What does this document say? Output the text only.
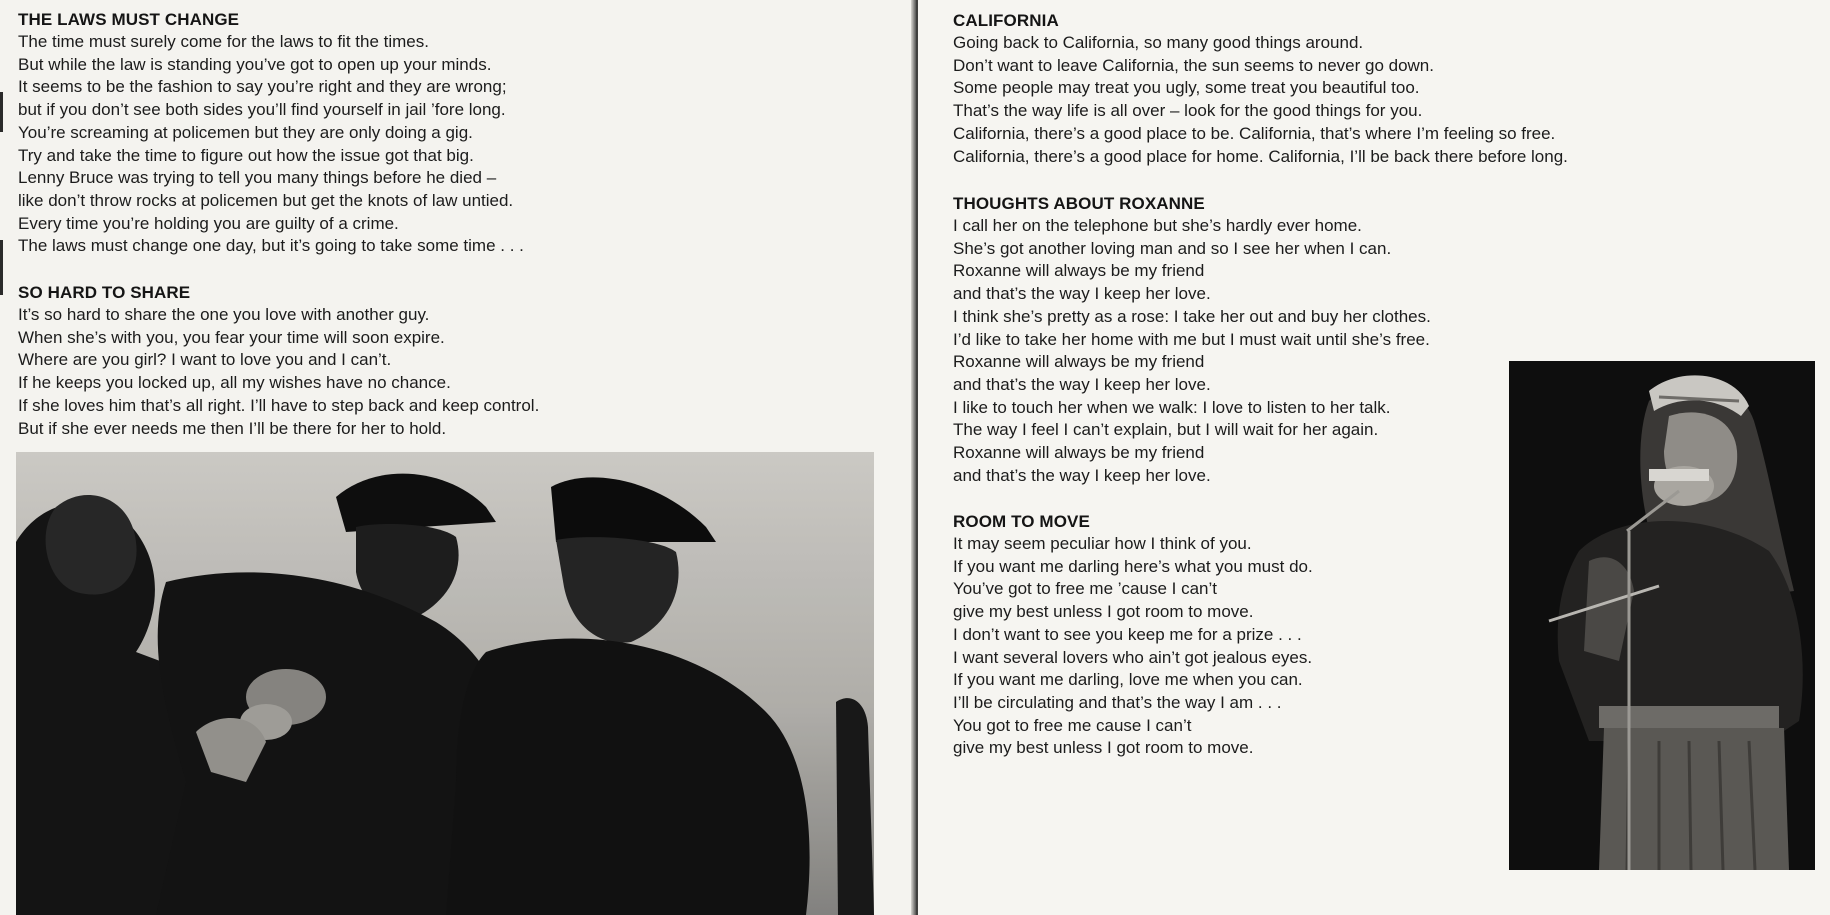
THE LAWS MUST CHANGE
The time must surely come for the laws to fit the times.
But while the law is standing you’ve got to open up your minds.
It seems to be the fashion to say you’re right and they are wrong;
but if you don’t see both sides you’ll find yourself in jail ’fore long.
You’re screaming at policemen but they are only doing a gig.
Try and take the time to figure out how the issue got that big.
Lenny Bruce was trying to tell you many things before he died –
like don’t throw rocks at policemen but get the knots of law untied.
Every time you’re holding you are guilty of a crime.
The laws must change one day, but it’s going to take some time . . .
SO HARD TO SHARE
It’s so hard to share the one you love with another guy.
When she’s with you, you fear your time will soon expire.
Where are you girl? I want to love you and I can’t.
If he keeps you locked up, all my wishes have no chance.
If she loves him that’s all right. I’ll have to step back and keep control.
But if she ever needs me then I’ll be there for her to hold.
CALIFORNIA
Going back to California, so many good things around.
Don’t want to leave California, the sun seems to never go down.
Some people may treat you ugly, some treat you beautiful too.
That’s the way life is all over – look for the good things for you.
California, there’s a good place to be. California, that’s where I’m feeling so free.
California, there’s a good place for home. California, I’ll be back there before long.
THOUGHTS ABOUT ROXANNE
I call her on the telephone but she’s hardly ever home.
She’s got another loving man and so I see her when I can.
Roxanne will always be my friend
and that’s the way I keep her love.
I think she’s pretty as a rose: I take her out and buy her clothes.
I’d like to take her home with me but I must wait until she’s free.
Roxanne will always be my friend
and that’s the way I keep her love.
I like to touch her when we walk: I love to listen to her talk.
The way I feel I can’t explain, but I will wait for her again.
Roxanne will always be my friend
and that’s the way I keep her love.
ROOM TO MOVE
It may seem peculiar how I think of you.
If you want me darling here’s what you must do.
You’ve got to free me ’cause I can’t
give my best unless I got room to move.
I don’t want to see you keep me for a prize . . .
I want several lovers who ain’t got jealous eyes.
If you want me darling, love me when you can.
I’ll be circulating and that’s the way I am . . .
You got to free me cause I can’t
give my best unless I got room to move.
